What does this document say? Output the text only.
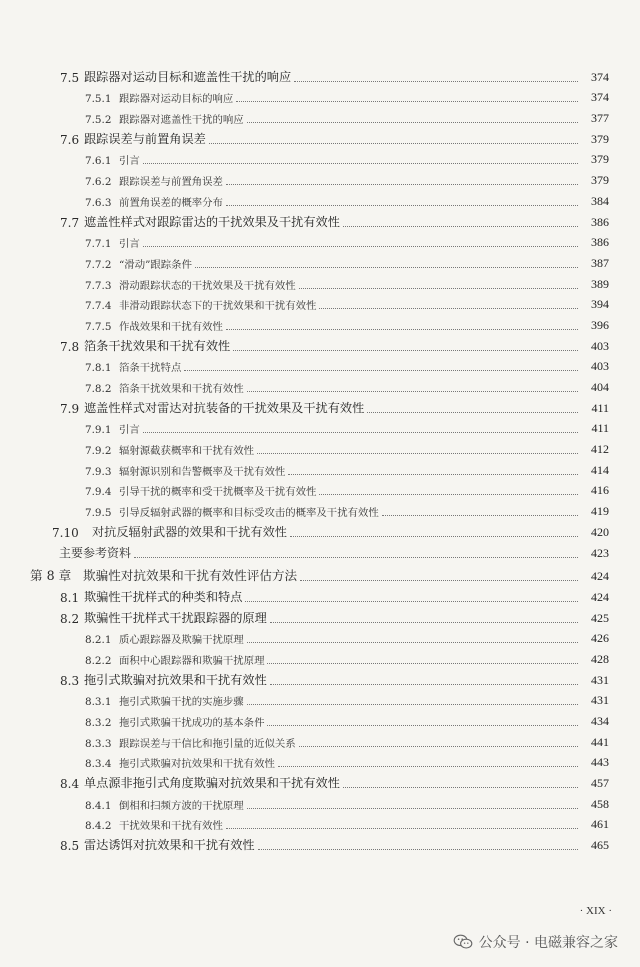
7.5 跟踪器对运动目标和遮盖性干扰的响应	374
7.5.1 跟踪器对运动目标的响应	374
7.5.2 跟踪器对遮盖性干扰的响应	377
7.6 跟踪误差与前置角误差	379
7.6.1 引言	379
7.6.2 跟踪误差与前置角误差	379
7.6.3 前置角误差的概率分布	384
7.7 遮盖性样式对跟踪雷达的干扰效果及干扰有效性	386
7.7.1 引言	386
7.7.2 “滑动”跟踪条件	387
7.7.3 滑动跟踪状态的干扰效果及干扰有效性	389
7.7.4 非滑动跟踪状态下的干扰效果和干扰有效性	394
7.7.5 作战效果和干扰有效性	396
7.8 箔条干扰效果和干扰有效性	403
7.8.1 箔条干扰特点	403
7.8.2 箔条干扰效果和干扰有效性	404
7.9 遮盖性样式对雷达对抗装备的干扰效果及干扰有效性	411
7.9.1 引言	411
7.9.2 辐射源截获概率和干扰有效性	412
7.9.3 辐射源识别和告警概率及干扰有效性	414
7.9.4 引导干扰的概率和受干扰概率及干扰有效性	416
7.9.5 引导反辐射武器的概率和目标受攻击的概率及干扰有效性	419
7.10 对抗反辐射武器的效果和干扰有效性	420
主要参考资料	423
第 8 章 欺骗性对抗效果和干扰有效性评估方法	424
8.1 欺骗性干扰样式的种类和特点	424
8.2 欺骗性干扰样式干扰跟踪器的原理	425
8.2.1 质心跟踪器及欺骗干扰原理	426
8.2.2 面积中心跟踪器和欺骗干扰原理	428
8.3 拖引式欺骗对抗效果和干扰有效性	431
8.3.1 拖引式欺骗干扰的实施步骤	431
8.3.2 拖引式欺骗干扰成功的基本条件	434
8.3.3 跟踪误差与干信比和拖引量的近似关系	441
8.3.4 拖引式欺骗对抗效果和干扰有效性	443
8.4 单点源非拖引式角度欺骗对抗效果和干扰有效性	457
8.4.1 倒相和扫频方波的干扰原理	458
8.4.2 干扰效果和干扰有效性	461
8.5 雷达诱饵对抗效果和干扰有效性	465
· XIX ·
公众号 · 电磁兼容之家
